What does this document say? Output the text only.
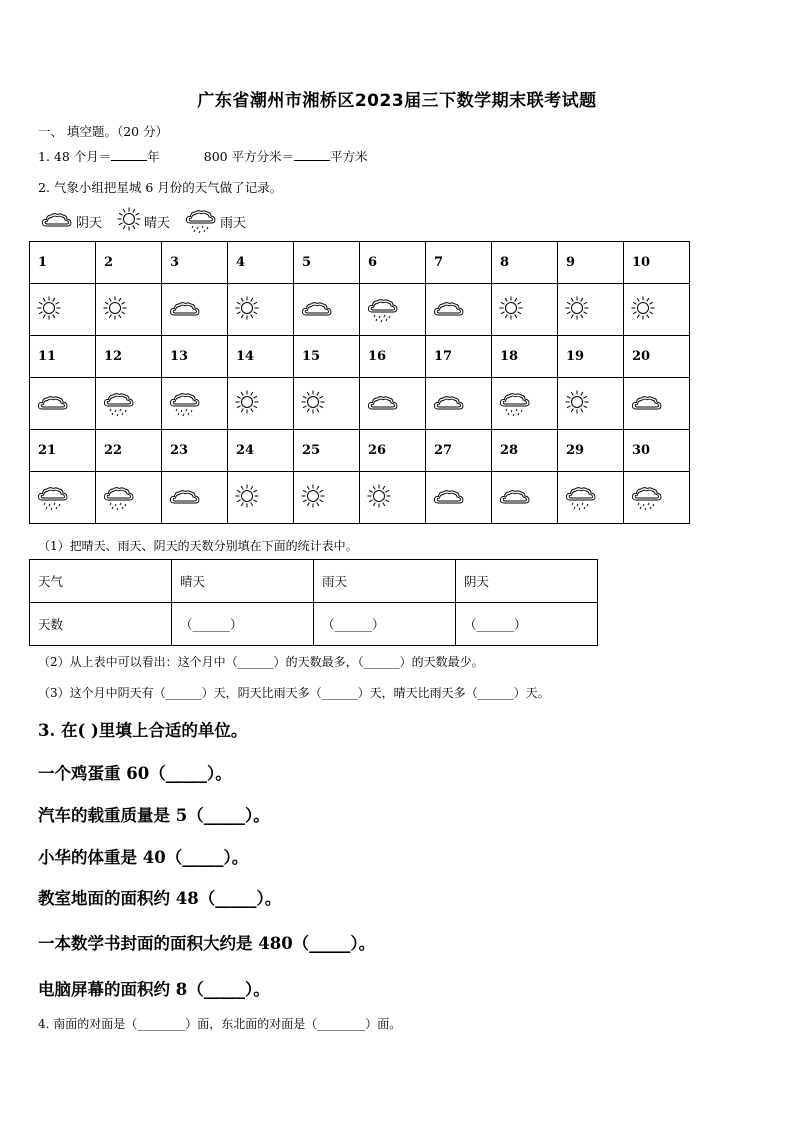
广东省潮州市湘桥区2023届三下数学期末联考试题
一、 填空题。（20 分）
1. 48 个月＝	年	800 平方分米＝	平方米
2. 气象小组把星城 6 月份的天气做了记录。
阴天	晴天	雨天
1	2	3	4	5	6	7	8	9	10

11	12	13	14	15	16	17	18	19	20

21	22	23	24	25	26	27	28	29	30

（1）把晴天、雨天、阴天的天数分别填在下面的统计表中。
天气	晴天	雨天	阴天
天数	（______）	（______）	（______）
（2）从上表中可以看出：这个月中（______）的天数最多，（______）的天数最少。
（3）这个月中阴天有（______）天，阴天比雨天多（______）天，晴天比雨天多（______）天。
3. 在( )里填上合适的单位。
一个鸡蛋重 60（_____）。
汽车的载重质量是 5（_____）。
小华的体重是 40（_____）。
教室地面的面积约 48（_____）。
一本数学书封面的面积大约是 480（_____）。
电脑屏幕的面积约 8（_____）。
4. 南面的对面是（________）面，东北面的对面是（________）面。
